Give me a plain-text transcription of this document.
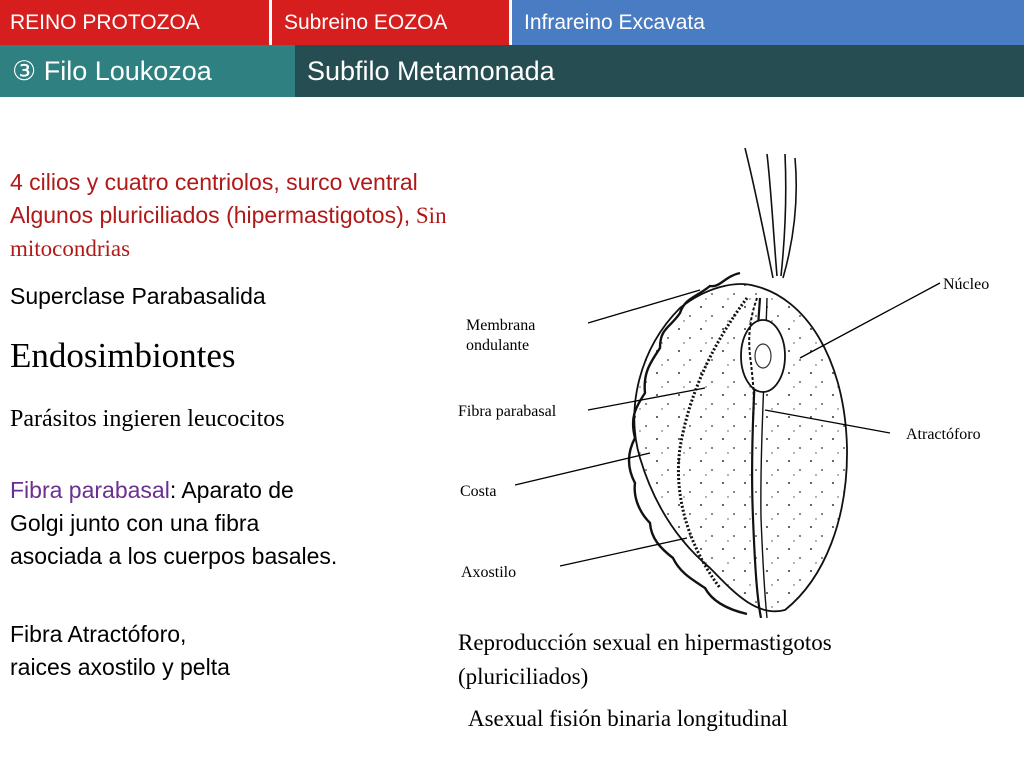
REINO PROTOZOA	Subreino EOZOA	Infrareino Excavata
③ Filo Loukozoa	Subfilo Metamonada
4 cilios y cuatro centriolos, surco ventral
Algunos pluriciliados (hipermastigotos), Sin
mitocondrias
Superclase Parabasalida
Endosimbiontes
Parásitos ingieren leucocitos
Fibra parabasal: Aparato de
Golgi junto con una fibra
asociada a los cuerpos basales.
Fibra Atractóforo,
raices axostilo y pelta
Núcleo
Membrana
ondulante
Fibra parabasal
Atractóforo
Costa
Axostilo
Reproducción sexual en hipermastigotos
(pluriciliados)
Asexual fisión binaria longitudinal
